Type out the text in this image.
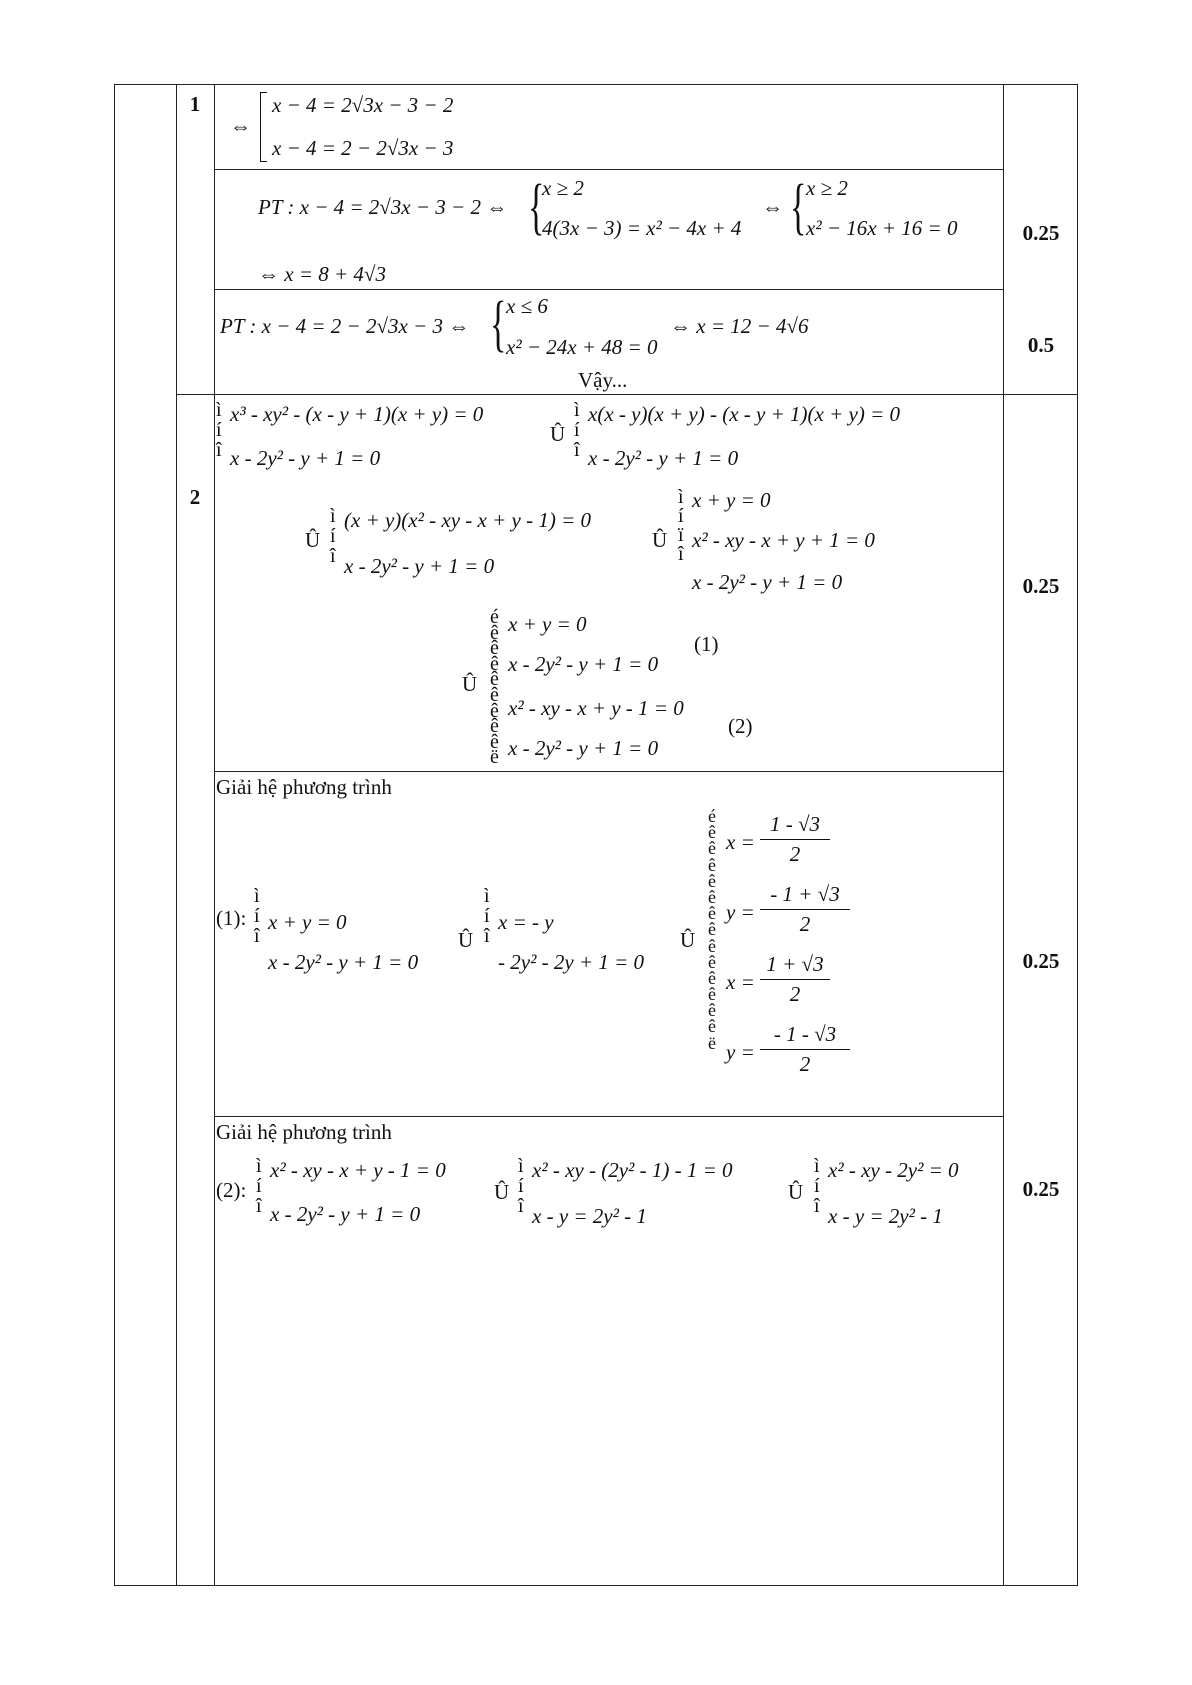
1
2
0.25
0.5
0.25
0.25
0.25
⇔
x − 4 = 2√3x − 3 − 2
x − 4 = 2 − 2√3x − 3
PT : x − 4 = 2√3x − 3 − 2 ⇔ {
x ≥ 2
4(3x − 3) = x² − 4x + 4
⇔ { x ≥ 2
x² − 16x + 16 = 0
⇔ x = 8 + 4√3
PT : x − 4 = 2 − 2√3x − 3 ⇔ { x ≤ 6
x² − 24x + 48 = 0
⇔ x = 12 − 4√6
Vậy...
ì
í
î
x³ - xy² - (x - y + 1)(x + y) = 0
x - 2y² - y + 1 = 0
Û
ì
í
î
x(x - y)(x + y) - (x - y + 1)(x + y) = 0
x - 2y² - y + 1 = 0
Û
ì
í
î
(x + y)(x² - xy - x + y - 1) = 0
x - 2y² - y + 1 = 0
Û
ì
í
ï
î
x + y = 0
x² - xy - x + y + 1 = 0
x - 2y² - y + 1 = 0
Û
é
ê
ê
ê
ê
ê
ê
ê
ê
ë
x + y = 0
x - 2y² - y + 1 = 0
(1)
x² - xy - x + y - 1 = 0
x - 2y² - y + 1 = 0
(2)
Giải hệ phương trình
(1):
ì
í
î
x + y = 0
x - 2y² - y + 1 = 0
Û
ì
í
î
x = - y
- 2y² - 2y + 1 = 0
Û
é
ê
ê
ê
ê
ê
ê
ê
ê
ê
ê
ê
ê
ê
ë
x =
1 - √3
2
y =
- 1 + √3
2
x =
1 + √3
2
y =
- 1 - √3
2
Giải hệ phương trình
(2):
ì
í
î
x² - xy - x + y - 1 = 0
x - 2y² - y + 1 = 0
Û
ì
í
î
x² - xy - (2y² - 1) - 1 = 0
x - y = 2y² - 1
Û
ì
í
î
x² - xy - 2y² = 0
x - y = 2y² - 1
